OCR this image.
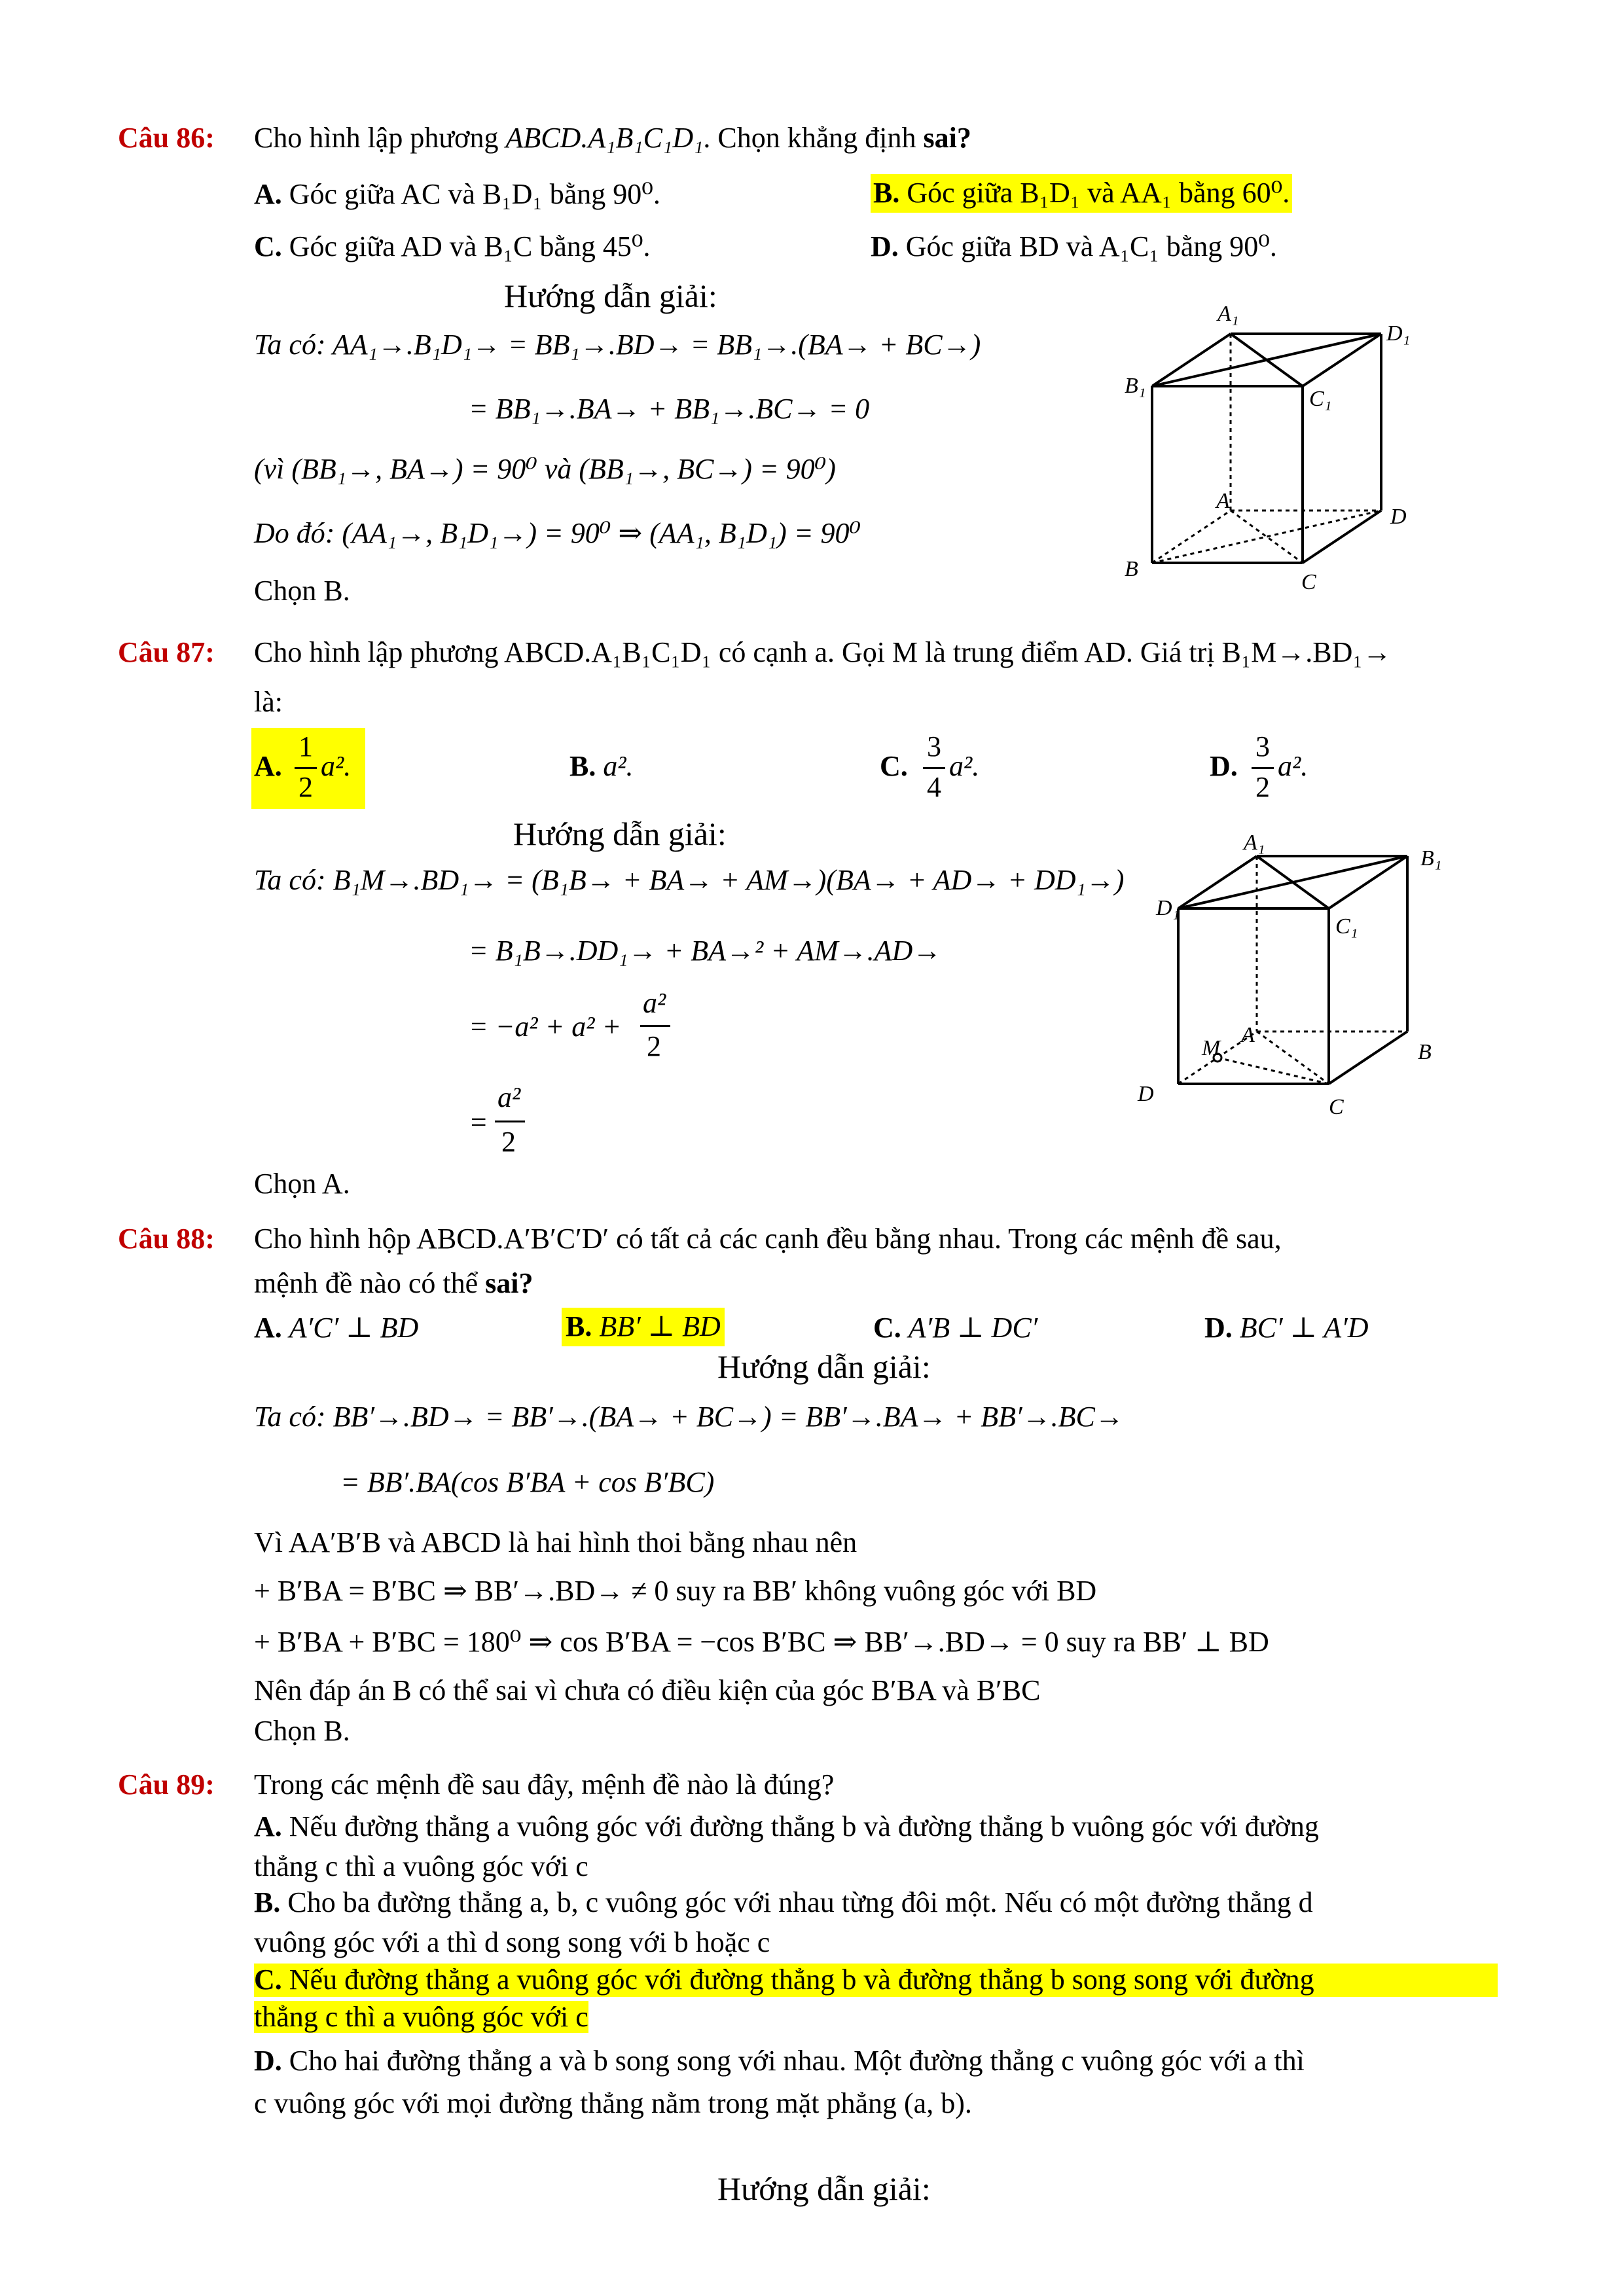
Câu 86: Cho hình lập phương ABCD.A₁B₁C₁D₁. Chọn khẳng định sai?
A. Góc giữa AC và B₁D₁ bằng 90⁰.	B. Góc giữa B₁D₁ và AA₁ bằng 60⁰.
C. Góc giữa AD và B₁C bằng 45⁰.	D. Góc giữa BD và A₁C₁ bằng 90⁰.
Hướng dẫn giải:
Ta có: AA₁→.B₁D₁→ = BB₁→.BD→ = BB₁→.(BA→ + BC→)
= BB₁→.BA→ + BB₁→.BC→ = 0
(vì (BB₁→, BA→) = 90⁰ và (BB₁→, BC→) = 90⁰)
Do đó: (AA₁→, B₁D₁→) = 90⁰ ⇒ (AA₁, B₁D₁) = 90⁰
Chọn B.
A₁
D₁
B₁
C₁
A
D
B
C
Câu 87: Cho hình lập phương ABCD.A₁B₁C₁D₁ có cạnh a. Gọi M là trung điểm AD. Giá trị B₁M→.BD₁→
là:
A.
1
2
a².	B. a².	C.
3
4
a².	D.
3
2
a².
Hướng dẫn giải:
Ta có: B₁M→.BD₁→ = (B₁B→ + BA→ + AM→)(BA→ + AD→ + DD₁→)
= B₁B→.DD₁→ + BA→² + AM→.AD→
= −a² + a² +
a²
2
=
a²
2
Chọn A.
A₁
B₁
D₁
C₁
A
B
M
D
C
Câu 88: Cho hình hộp ABCD.A′B′C′D′ có tất cả các cạnh đều bằng nhau. Trong các mệnh đề sau,
mệnh đề nào có thể sai?
A. A′C′ ⊥ BD	B. BB′ ⊥ BD	C. A′B ⊥ DC′	D. BC′ ⊥ A′D
Hướng dẫn giải:
Ta có: BB′→.BD→ = BB′→.(BA→ + BC→) = BB′→.BA→ + BB′→.BC→
= BB′.BA(cos B′BA + cos B′BC)
Vì AA′B′B và ABCD là hai hình thoi bằng nhau nên
+ B′BA = B′BC ⇒ BB′→.BD→ ≠ 0 suy ra BB′ không vuông góc với BD
+ B′BA + B′BC = 180⁰ ⇒ cos B′BA = −cos B′BC ⇒ BB′→.BD→ = 0 suy ra BB′ ⊥ BD
Nên đáp án B có thể sai vì chưa có điều kiện của góc B′BA và B′BC
Chọn B.
Câu 89: Trong các mệnh đề sau đây, mệnh đề nào là đúng?
A. Nếu đường thẳng a vuông góc với đường thẳng b và đường thẳng b vuông góc với đường
thẳng c thì a vuông góc với c
B. Cho ba đường thẳng a, b, c vuông góc với nhau từng đôi một. Nếu có một đường thẳng d
vuông góc với a thì d song song với b hoặc c
C. Nếu đường thẳng a vuông góc với đường thẳng b và đường thẳng b song song với đường
thẳng c thì a vuông góc với c
D. Cho hai đường thẳng a và b song song với nhau. Một đường thẳng c vuông góc với a thì
c vuông góc với mọi đường thẳng nằm trong mặt phẳng (a, b).
Hướng dẫn giải:
